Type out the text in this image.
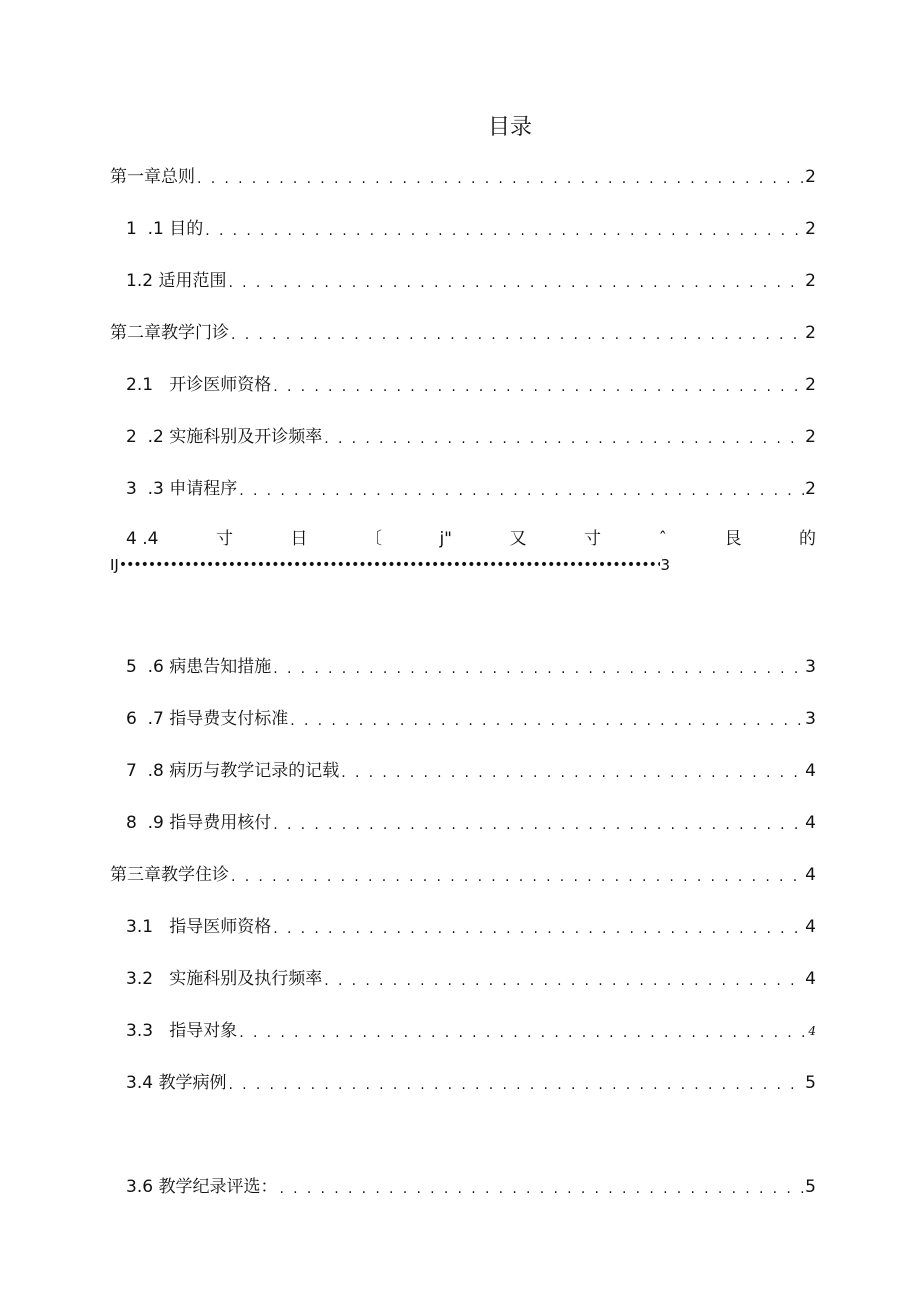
目录
第一章总则 . . .	2
1  .1 目的 . . .	2
1.2 适用范围 . . .	2
第二章教学门诊 . . .	2
2.1   开诊医师资格 . . .	2
2  .2 实施科别及开诊频率 . . .	2
3  .3 申请程序 . . .	2
4 .4	寸	日	〔	j"	又	寸	ˆ	艮	的
IJ •••••	3
5  .6 病患告知措施 . . .	3
6  .7 指导费支付标准 . . .	3
7  .8 病历与教学记录的记载 . . .	4
8  .9 指导费用核付 . . .	4
第三章教学住诊 . . .	4
3.1   指导医师资格 . . .	4
3.2   实施科别及执行频率 . . .	4
3.3   指导对象 . . .	4
3.4 教学病例 . . .	5
3.6 教学纪录评选： . . .	5
